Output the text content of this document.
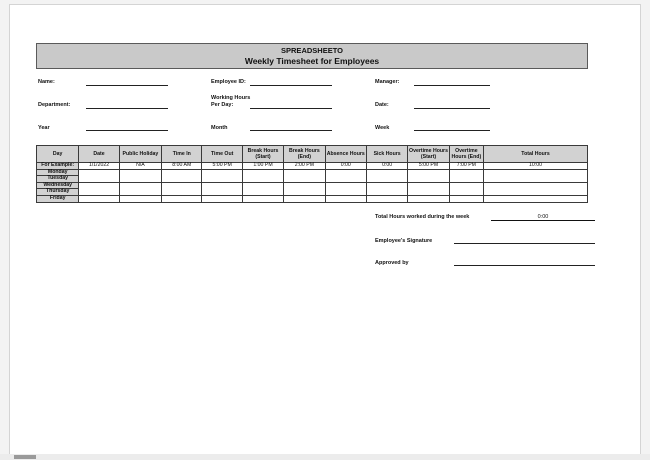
SPREADSHEETO
Weekly Timesheet for Employees
Name:	Employee ID:	Manager:
Department:
Working Hours
Per Day:	Date:
Year	Month	Week
Day	Date	Public Holiday	Time In	Time Out	Break Hours (Start)	Break Hours (End)	Absence Hours	Sick Hours	Overtime Hours (Start)	Overtime Hours (End)	Total Hours
For Example:	1/1/2022	N/A	8:00 AM	5:00 PM	1:00 PM	2:00 PM	0:00	0:00	5:00 PM	7:00 PM	10:00
Monday											
Tuesday											
Wednesday											
Thursday											
Friday											
Total Hours worked during the week	0:00
Employee's Signature
Approved by
